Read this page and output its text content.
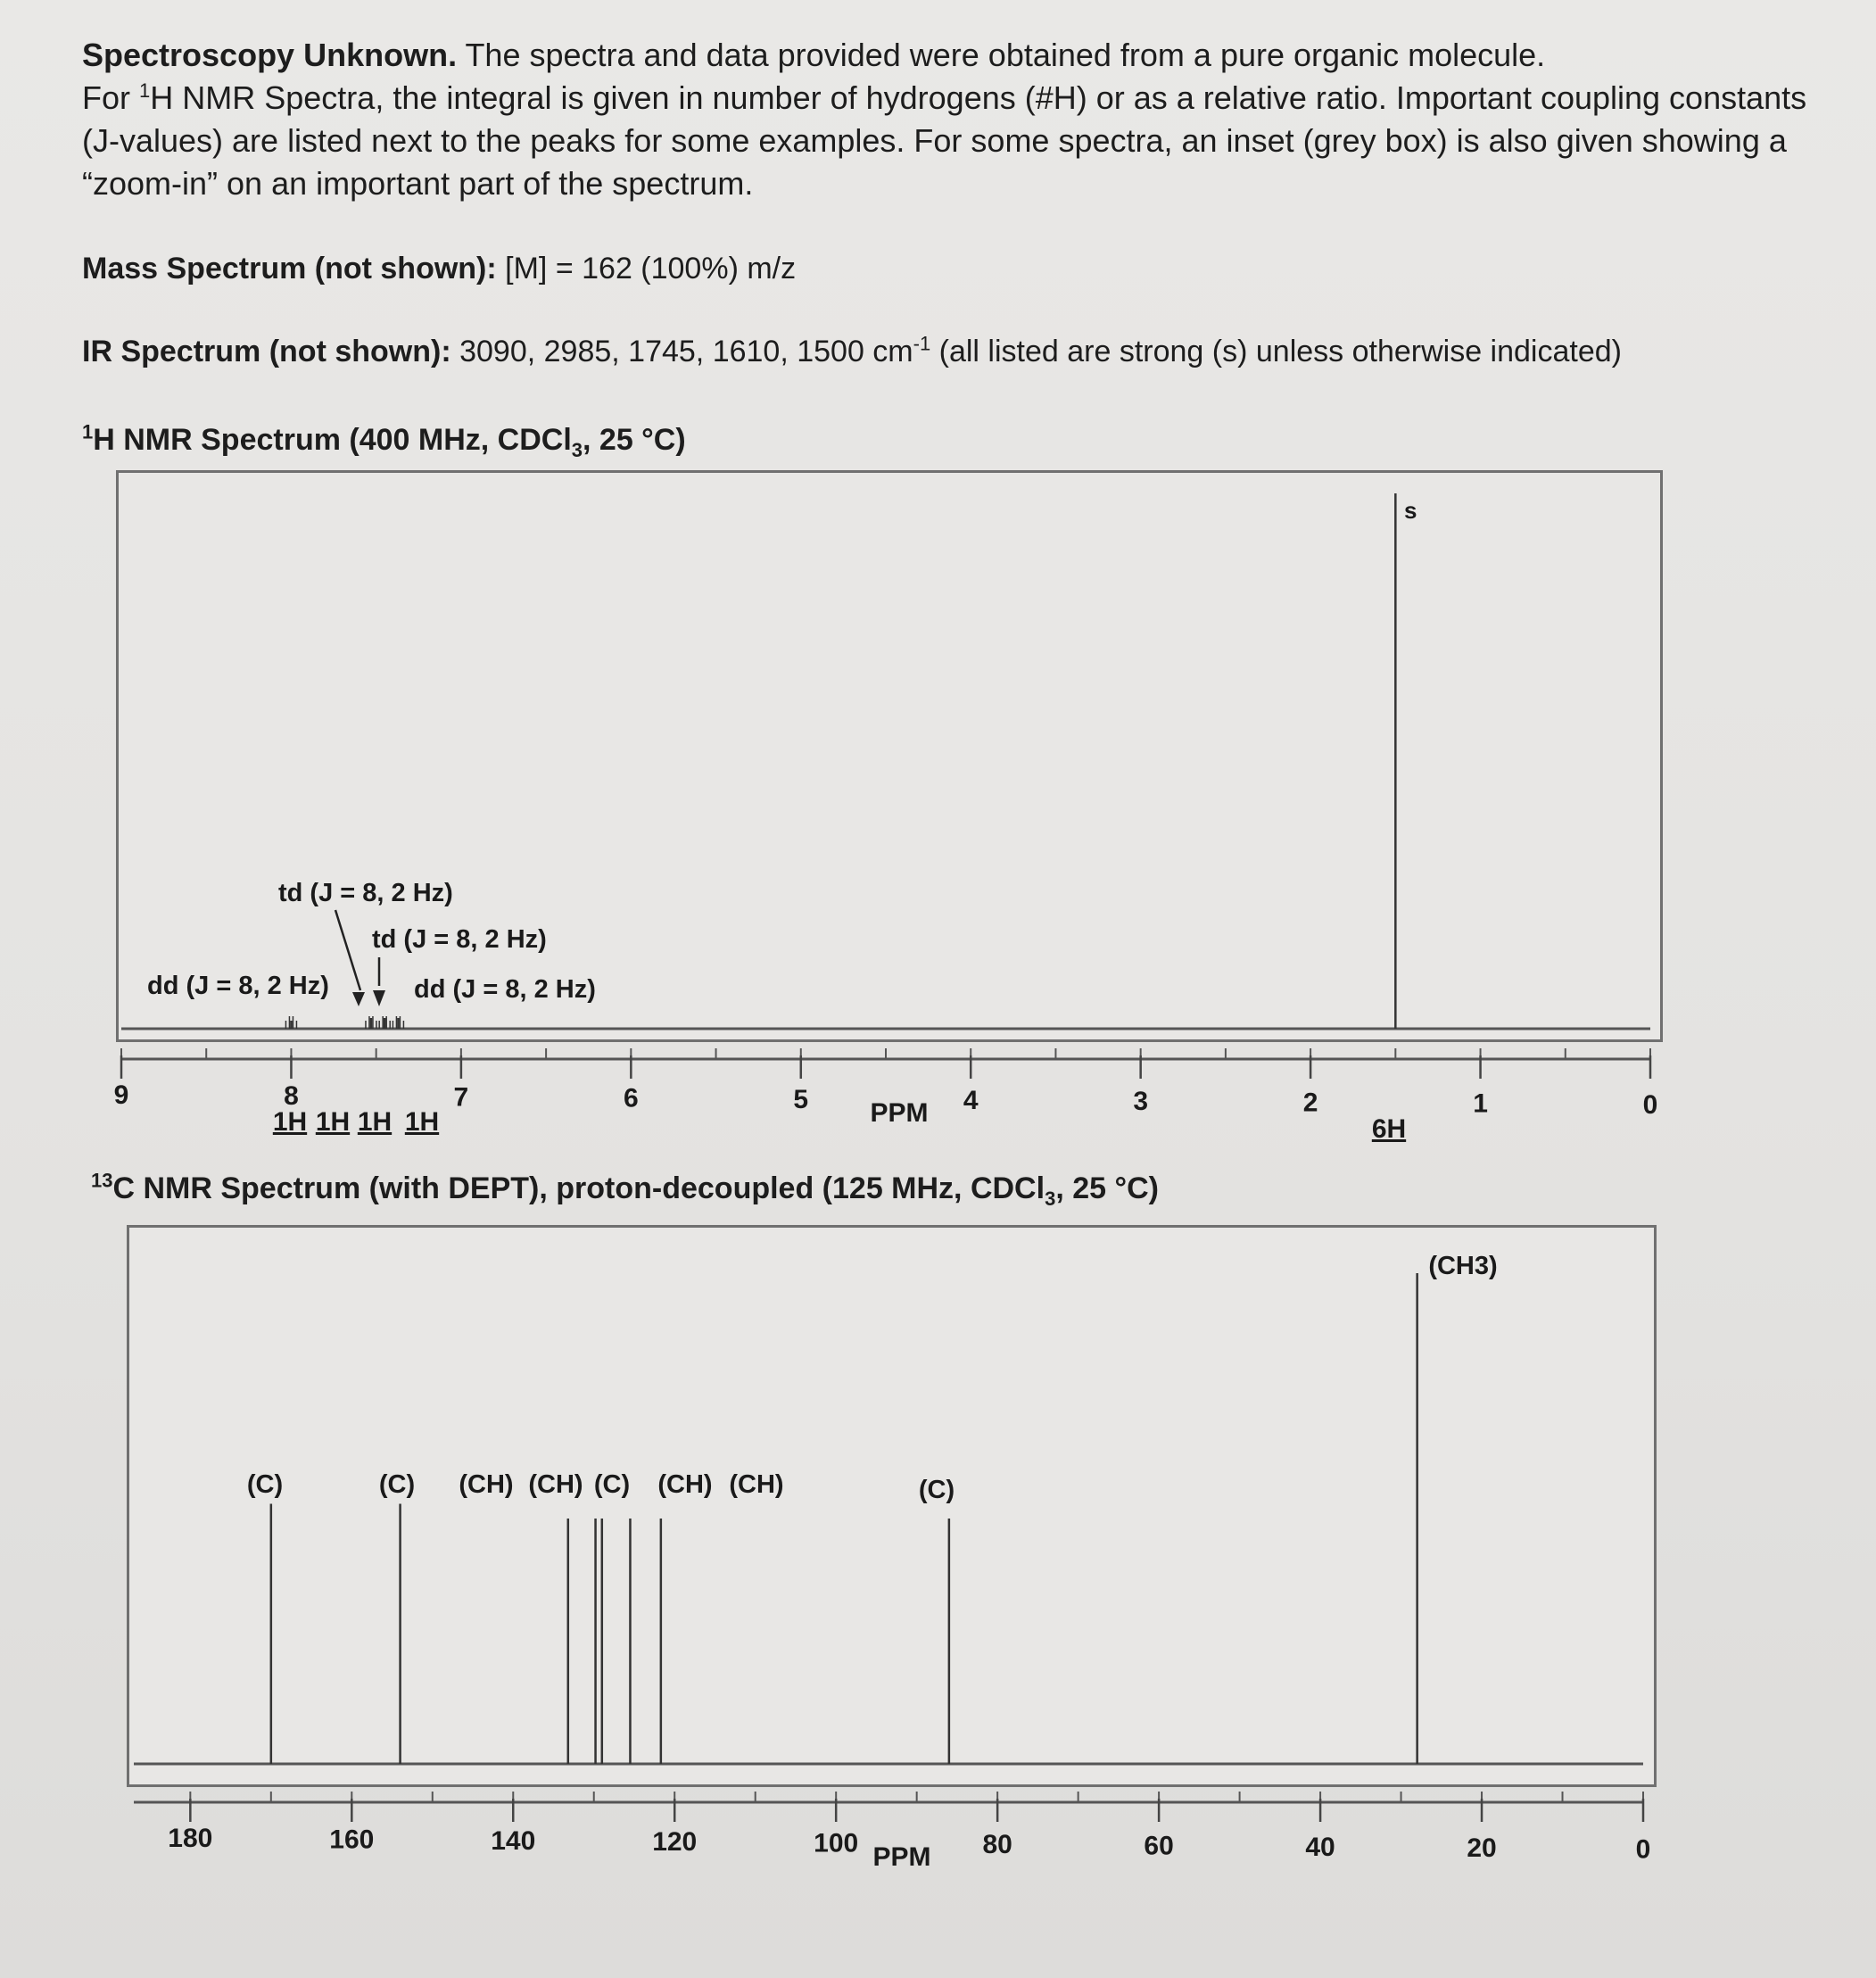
Spectroscopy Unknown. The spectra and data provided were obtained from a pure organic molecule.
For $^1$H NMR Spectra, the integral is given in number of hydrogens (#H) or as a relative ratio. Important coupling constants (J-values) are listed next to the peaks for some examples. For some spectra, an inset (grey box) is also given showing a “zoom-in” on an important part of the spectrum.
Mass Spectrum (not shown): [M] = 162 (100%) m/z
IR Spectrum (not shown): 3090, 2985, 1745, 1610, 1500 $cm^{-1}$ (all listed are strong (s) unless otherwise indicated)
$^1$H NMR Spectrum (400 MHz, CDCl$_3$, 25 °C)
$^{13}$C NMR Spectrum (with DEPT), proton-decoupled (125 MHz, CDCl$_3$, 25 °C)
9	8	7	6	5	4	3	2	1	0
PPM
td (J = 8, 2 Hz)
td (J = 8, 2 Hz)
dd (J = 8, 2 Hz)	dd (J = 8, 2 Hz)
s
1H 1H 1H 1H	6H
180	160	140	120	100	80	60	40	20	0
PPM
(C)	(C) (CH) (CH) (C) (CH) (CH)	(C)
(CH3)
